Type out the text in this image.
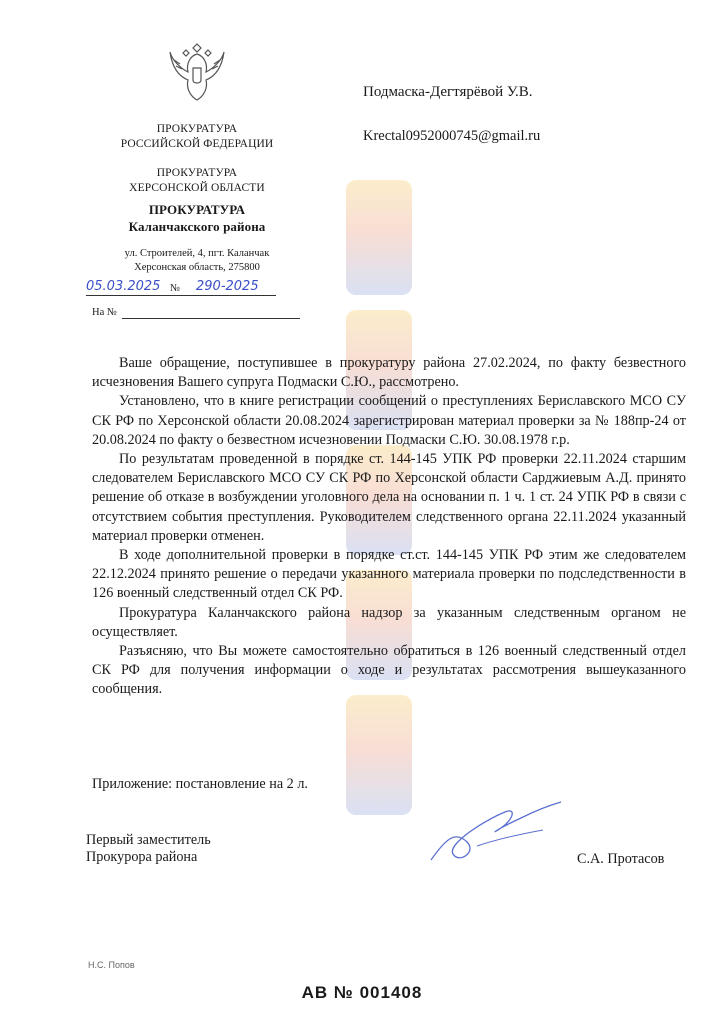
ПРОКУРАТУРА
РОССИЙСКОЙ ФЕДЕРАЦИИ
ПРОКУРАТУРА
ХЕРСОНСКОЙ ОБЛАСТИ
ПРОКУРАТУРА
Каланчакского района
ул. Строителей, 4, пгт. Каланчак
Херсонская область, 275800
05.03.2025 № 290-2025
На №
Подмаска-Дегтярёвой У.В.
Krectal0952000745@gmail.ru

Ваше обращение, поступившее в прокуратуру района 27.02.2024, по факту безвестного исчезновения Вашего супруга Подмаски С.Ю., рассмотрено.

Установлено, что в книге регистрации сообщений о преступлениях Бериславского МСО СУ СК РФ по Херсонской области 20.08.2024 зарегистрирован материал проверки за № 188пр-24 от 20.08.2024 по факту о безвестном исчезновении Подмаски С.Ю. 30.08.1978 г.р.

По результатам проведенной в порядке ст. 144-145 УПК РФ проверки 22.11.2024 старшим следователем Бериславского МСО СУ СК РФ по Херсонской области Сарджиевым А.Д. принято решение об отказе в возбуждении уголовного дела на основании п. 1 ч. 1 ст. 24 УПК РФ в связи с отсутствием события преступления. Руководителем следственного органа 22.11.2024 указанный материал проверки отменен.

В ходе дополнительной проверки в порядке ст.ст. 144-145 УПК РФ этим же следователем 22.12.2024 принято решение о передачи указанного материала проверки по подследственности в 126 военный следственный отдел СК РФ.

Прокуратура Каланчакского района надзор за указанным следственным органом не осуществляет.

Разъясняю, что Вы можете самостоятельно обратиться в 126 военный следственный отдел СК РФ для получения информации о ходе и результатах рассмотрения вышеуказанного сообщения.

Приложение: постановление на 2 л.
Первый заместитель
Прокурора района	С.А. Протасов
Н.С. Попов
АВ № 001408
